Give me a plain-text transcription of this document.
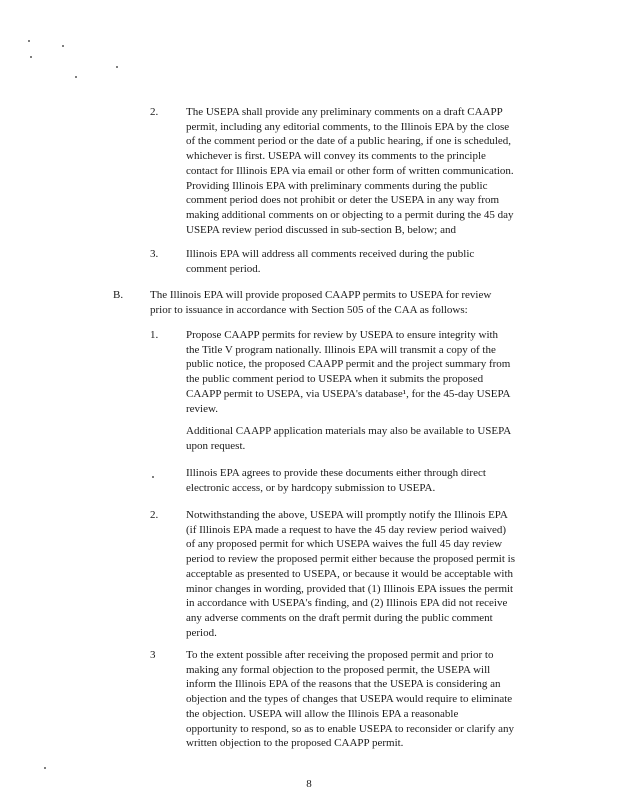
2.	The USEPA shall provide any preliminary comments on a draft CAAPP
permit, including any editorial comments, to the Illinois EPA by the close
of the comment period or the date of a public hearing, if one is scheduled,
whichever is first. USEPA will convey its comments to the principle
contact for Illinois EPA via email or other form of written communication.
Providing Illinois EPA with preliminary comments during the public
comment period does not prohibit or deter the USEPA in any way from
making additional comments on or objecting to a permit during the 45 day
USEPA review period discussed in sub-section B, below; and
3.	Illinois EPA will address all comments received during the public
comment period.
B. The Illinois EPA will provide proposed CAAPP permits to USEPA for review
prior to issuance in accordance with Section 505 of the CAA as follows:
1.	Propose CAAPP permits for review by USEPA to ensure integrity with
the Title V program nationally. Illinois EPA will transmit a copy of the
public notice, the proposed CAAPP permit and the project summary from
the public comment period to USEPA when it submits the proposed
CAAPP permit to USEPA, via USEPA's database¹, for the 45-day USEPA
review.
Additional CAAPP application materials may also be available to USEPA
upon request.
Illinois EPA agrees to provide these documents either through direct
electronic access, or by hardcopy submission to USEPA.
2.	Notwithstanding the above, USEPA will promptly notify the Illinois EPA
(if Illinois EPA made a request to have the 45 day review period waived)
of any proposed permit for which USEPA waives the full 45 day review
period to review the proposed permit either because the proposed permit is
acceptable as presented to USEPA, or because it would be acceptable with
minor changes in wording, provided that (1) Illinois EPA issues the permit
in accordance with USEPA's finding, and (2) Illinois EPA did not receive
any adverse comments on the draft permit during the public comment
period.
3	To the extent possible after receiving the proposed permit and prior to
making any formal objection to the proposed permit, the USEPA will
inform the Illinois EPA of the reasons that the USEPA is considering an
objection and the types of changes that USEPA would require to eliminate
the objection. USEPA will allow the Illinois EPA a reasonable
opportunity to respond, so as to enable USEPA to reconsider or clarify any
written objection to the proposed CAAPP permit.
8
